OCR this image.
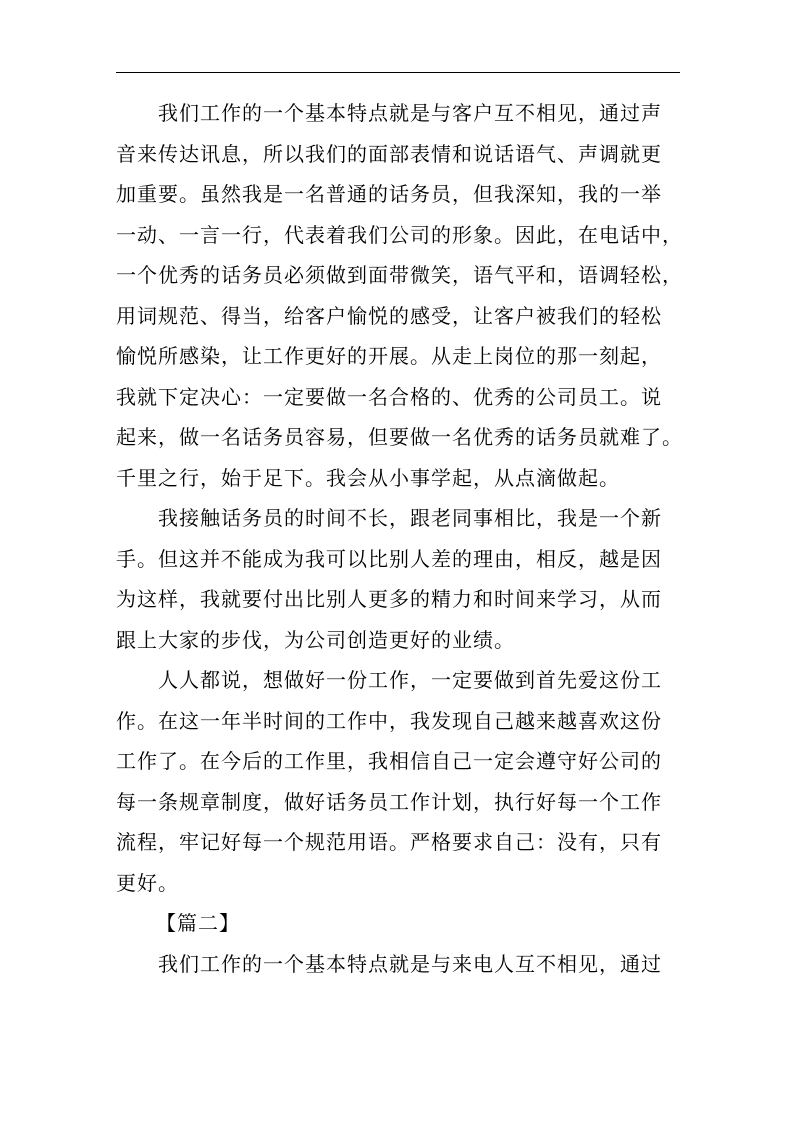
　　我们工作的一个基本特点就是与客户互不相见，通过声
音来传达讯息，所以我们的面部表情和说话语气、声调就更
加重要。虽然我是一名普通的话务员，但我深知，我的一举
一动、一言一行，代表着我们公司的形象。因此，在电话中，
一个优秀的话务员必须做到面带微笑，语气平和，语调轻松，
用词规范、得当，给客户愉悦的感受，让客户被我们的轻松
愉悦所感染，让工作更好的开展。从走上岗位的那一刻起，
我就下定决心：一定要做一名合格的、优秀的公司员工。说
起来，做一名话务员容易，但要做一名优秀的话务员就难了。
千里之行，始于足下。我会从小事学起，从点滴做起。
　　我接触话务员的时间不长，跟老同事相比，我是一个新
手。但这并不能成为我可以比别人差的理由，相反，越是因
为这样，我就要付出比别人更多的精力和时间来学习，从而
跟上大家的步伐，为公司创造更好的业绩。
　　人人都说，想做好一份工作，一定要做到首先爱这份工
作。在这一年半时间的工作中，我发现自己越来越喜欢这份
工作了。在今后的工作里，我相信自己一定会遵守好公司的
每一条规章制度，做好话务员工作计划，执行好每一个工作
流程，牢记好每一个规范用语。严格要求自己：没有，只有
更好。
【篇二】
　　我们工作的一个基本特点就是与来电人互不相见，通过
